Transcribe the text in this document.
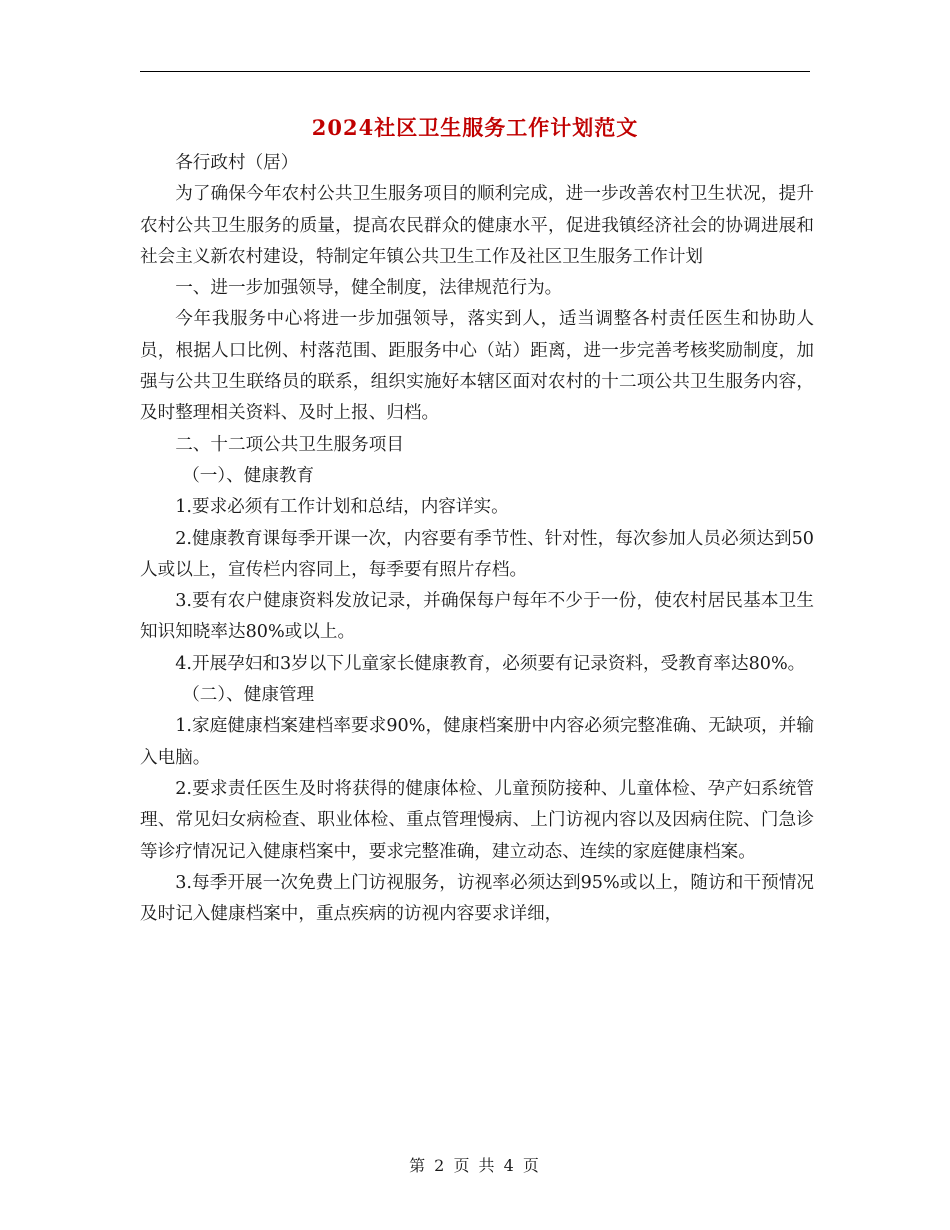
2024社区卫生服务工作计划范文

各行政村（居）

为了确保今年农村公共卫生服务项目的顺利完成，进一步改善农村卫生状况，提升农村公共卫生服务的质量，提高农民群众的健康水平，促进我镇经济社会的协调进展和社会主义新农村建设，特制定年镇公共卫生工作及社区卫生服务工作计划

一、进一步加强领导，健全制度，法律规范行为。

今年我服务中心将进一步加强领导，落实到人，适当调整各村责任医生和协助人员，根据人口比例、村落范围、距服务中心（站）距离，进一步完善考核奖励制度，加强与公共卫生联络员的联系，组织实施好本辖区面对农村的十二项公共卫生服务内容，及时整理相关资料、及时上报、归档。

二、十二项公共卫生服务项目

（一）、健康教育

1.要求必须有工作计划和总结，内容详实。

2.健康教育课每季开课一次，内容要有季节性、针对性，每次参加人员必须达到50人或以上，宣传栏内容同上，每季要有照片存档。

3.要有农户健康资料发放记录，并确保每户每年不少于一份，使农村居民基本卫生知识知晓率达80%或以上。

4.开展孕妇和3岁以下儿童家长健康教育，必须要有记录资料，受教育率达80%。

（二）、健康管理

1.家庭健康档案建档率要求90%，健康档案册中内容必须完整准确、无缺项，并输入电脑。

2.要求责任医生及时将获得的健康体检、儿童预防接种、儿童体检、孕产妇系统管理、常见妇女病检查、职业体检、重点管理慢病、上门访视内容以及因病住院、门急诊等诊疗情况记入健康档案中，要求完整准确，建立动态、连续的家庭健康档案。

3.每季开展一次免费上门访视服务，访视率必须达到95%或以上，随访和干预情况及时记入健康档案中，重点疾病的访视内容要求详细，

第 2 页 共 4 页
